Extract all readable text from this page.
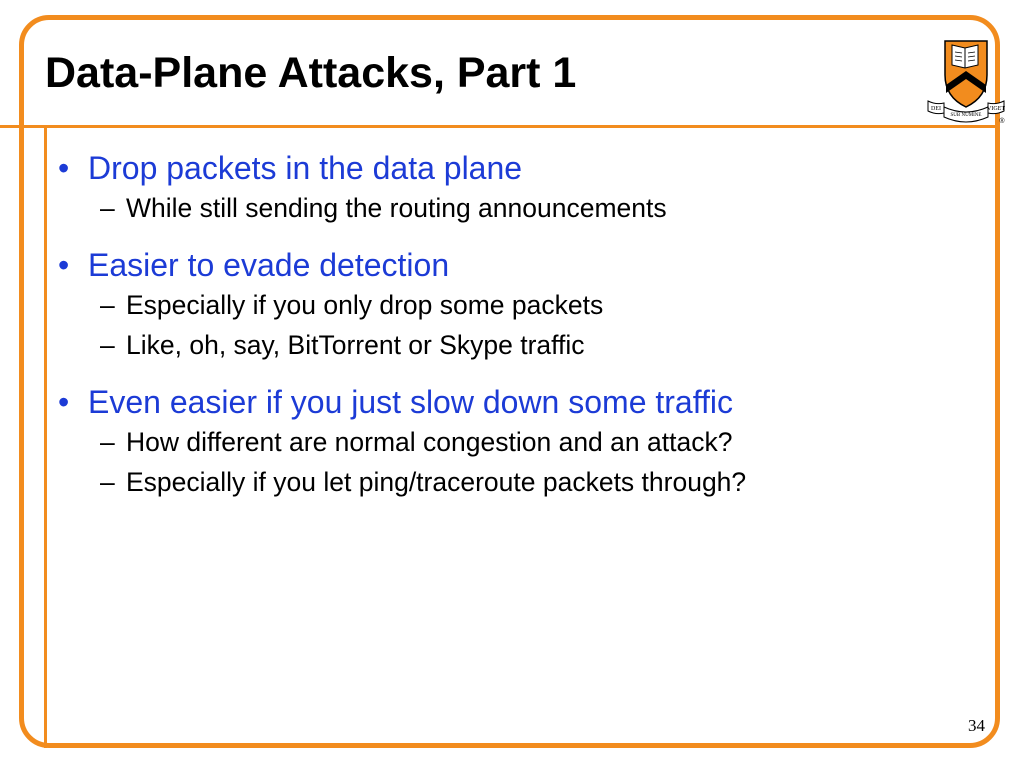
Data-Plane Attacks, Part 1
DEI
SUB NUMINE
VIGET
®
• Drop packets in the data plane
– While still sending the routing announcements
• Easier to evade detection
– Especially if you only drop some packets
– Like, oh, say, BitTorrent or Skype traffic
• Even easier if you just slow down some traffic
– How different are normal congestion and an attack?
– Especially if you let ping/traceroute packets through?
34
